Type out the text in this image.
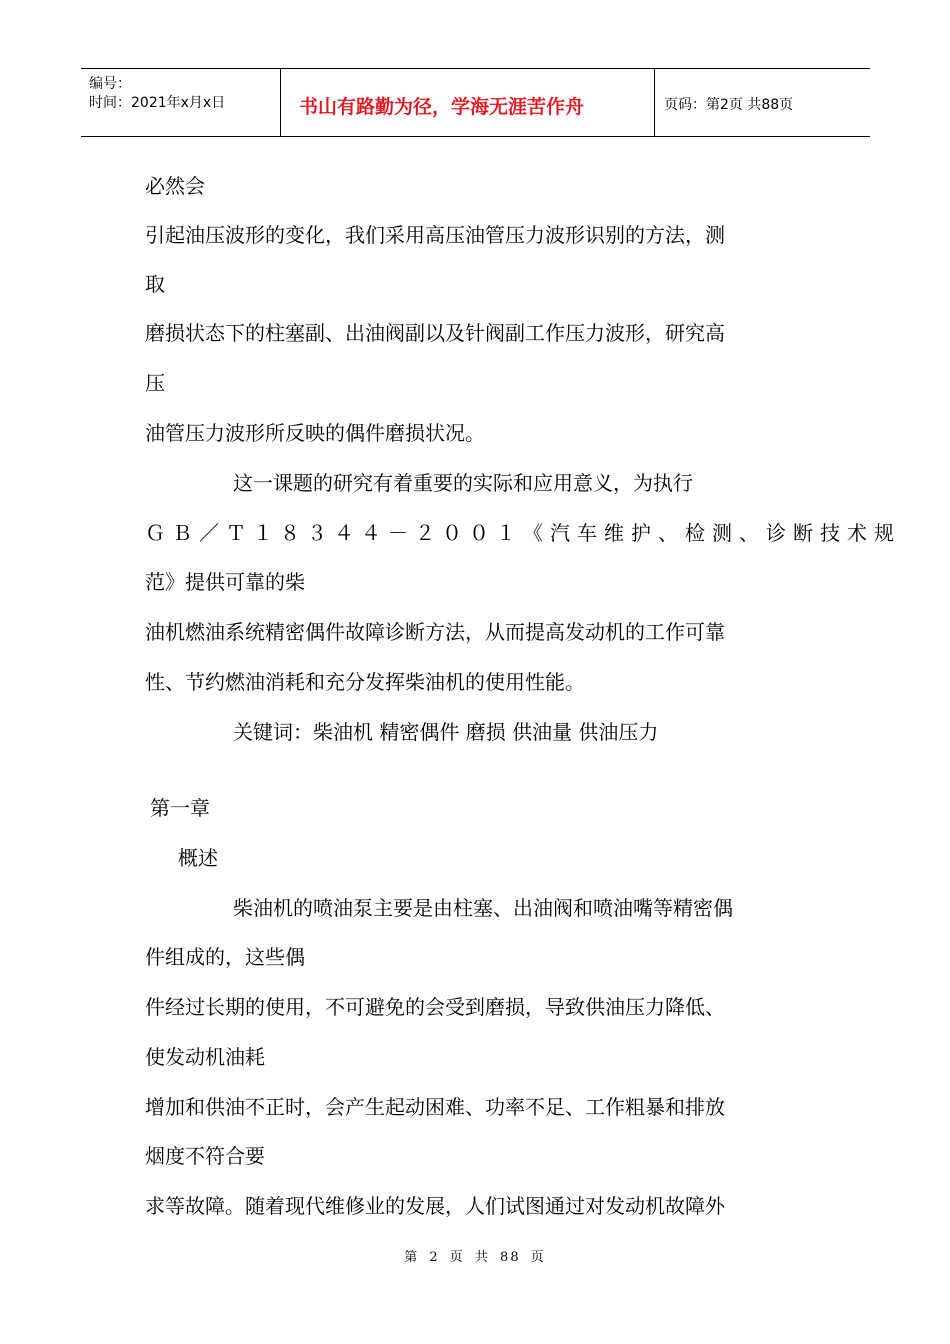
编号：
时间：2021年x月x日	书山有路勤为径，学海无涯苦作舟	页码：第2页 共88页
必然会
引起油压波形的变化，我们采用高压油管压力波形识别的方法，测
取
磨损状态下的柱塞副、出油阀副以及针阀副工作压力波形，研究高
压
油管压力波形所反映的偶件磨损状况。
这一课题的研究有着重要的实际和应用意义，为执行
ＧＢ／Ｔ１８３４４－２００１《汽车维护、检测、诊断技术规
范》提供可靠的柴
油机燃油系统精密偶件故障诊断方法，从而提高发动机的工作可靠
性、节约燃油消耗和充分发挥柴油机的使用性能。
关键词：柴油机 精密偶件 磨损 供油量 供油压力
第一章
概述
柴油机的喷油泵主要是由柱塞、出油阀和喷油嘴等精密偶
件组成的，这些偶
件经过长期的使用，不可避免的会受到磨损，导致供油压力降低、
使发动机油耗
增加和供油不正时，会产生起动困难、功率不足、工作粗暴和排放
烟度不符合要
求等故障。随着现代维修业的发展，人们试图通过对发动机故障外
第 2 页 共 88 页
